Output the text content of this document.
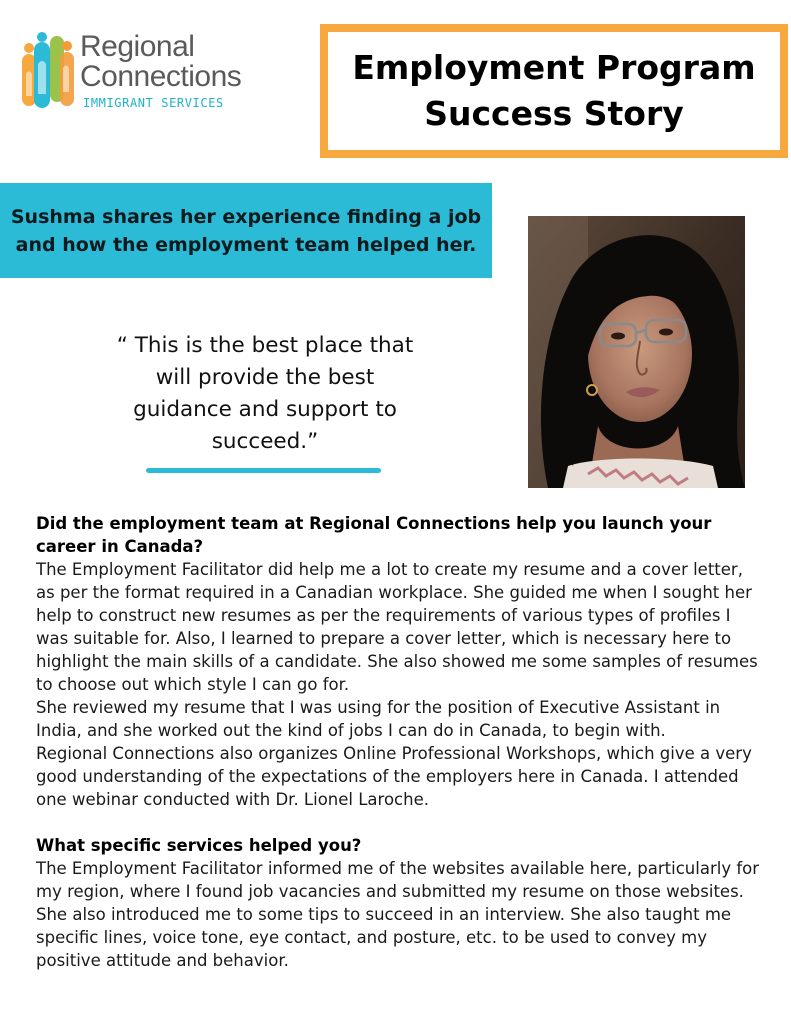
Regional
Connections
IMMIGRANT SERVICES
Employment Program
Success Story
Sushma shares her experience finding a job
and how the employment team helped her.
“ This is the best place that
will provide the best
guidance and support to
succeed.”
Did the employment team at Regional Connections help you launch your career in Canada?
The Employment Facilitator did help me a lot to create my resume and a cover letter, as per the format required in a Canadian workplace. She guided me when I sought her help to construct new resumes as per the requirements of various types of profiles I was suitable for. Also, I learned to prepare a cover letter, which is necessary here to highlight the main skills of a candidate. She also showed me some samples of resumes to choose out which style I can go for.
She reviewed my resume that I was using for the position of Executive Assistant in India, and she worked out the kind of jobs I can do in Canada, to begin with.
Regional Connections also organizes Online Professional Workshops, which give a very good understanding of the expectations of the employers here in Canada. I attended one webinar conducted with Dr. Lionel Laroche.
What specific services helped you?
The Employment Facilitator informed me of the websites available here, particularly for my region, where I found job vacancies and submitted my resume on those websites. She also introduced me to some tips to succeed in an interview. She also taught me specific lines, voice tone, eye contact, and posture, etc. to be used to convey my positive attitude and behavior.
